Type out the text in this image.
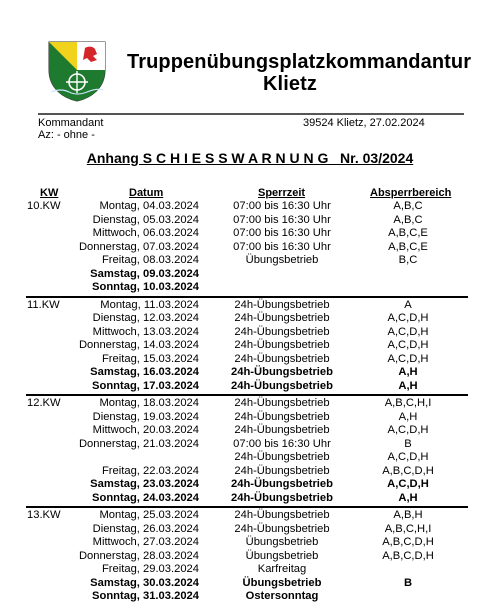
Truppenübungsplatzkommandantur
Klietz
Kommandant
Az: - ohne -
39524 Klietz, 27.02.2024
Anhang S C H I E S S W A R N U N G   Nr. 03/2024
KW	Datum	Sperrzeit	Absperrbereich
10.KW	Montag, 04.03.2024	07:00 bis 16:30 Uhr	A,B,C
Dienstag, 05.03.2024	07:00 bis 16:30 Uhr	A,B,C
Mittwoch, 06.03.2024	07:00 bis 16:30 Uhr	A,B,C,E
Donnerstag, 07.03.2024	07:00 bis 16:30 Uhr	A,B,C,E
Freitag, 08.03.2024	Übungsbetrieb	B,C
Samstag, 09.03.2024
Sonntag, 10.03.2024
11.KW	Montag, 11.03.2024	24h-Übungsbetrieb	A
Dienstag, 12.03.2024	24h-Übungsbetrieb	A,C,D,H
Mittwoch, 13.03.2024	24h-Übungsbetrieb	A,C,D,H
Donnerstag, 14.03.2024	24h-Übungsbetrieb	A,C,D,H
Freitag, 15.03.2024	24h-Übungsbetrieb	A,C,D,H
Samstag, 16.03.2024	24h-Übungsbetrieb	A,H
Sonntag, 17.03.2024	24h-Übungsbetrieb	A,H
12.KW	Montag, 18.03.2024	24h-Übungsbetrieb	A,B,C,H,I
Dienstag, 19.03.2024	24h-Übungsbetrieb	A,H
Mittwoch, 20.03.2024	24h-Übungsbetrieb	A,C,D,H
Donnerstag, 21.03.2024	07:00 bis 16:30 Uhr	B
24h-Übungsbetrieb	A,C,D,H
Freitag, 22.03.2024	24h-Übungsbetrieb	A,B,C,D,H
Samstag, 23.03.2024	24h-Übungsbetrieb	A,C,D,H
Sonntag, 24.03.2024	24h-Übungsbetrieb	A,H
13.KW	Montag, 25.03.2024	24h-Übungsbetrieb	A,B,H
Dienstag, 26.03.2024	24h-Übungsbetrieb	A,B,C,H,I
Mittwoch, 27.03.2024	Übungsbetrieb	A,B,C,D,H
Donnerstag, 28.03.2024	Übungsbetrieb	A,B,C,D,H
Freitag, 29.03.2024	Karfreitag
Samstag, 30.03.2024	Übungsbetrieb	B
Sonntag, 31.03.2024	Ostersonntag
